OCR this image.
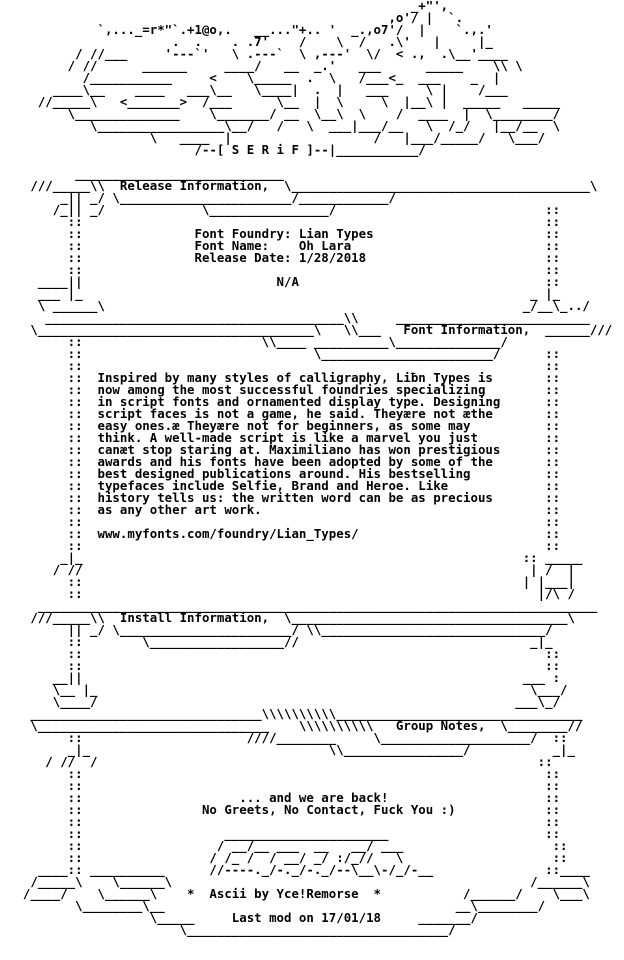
_+"',
,o'/ |  `.
`,..._=r*"`.+1@o,.   __..."+.. '  _.,o7'/  |    `.,.'
.  .    . .7'    /    \  /   .\'   |     |_
/ //___     '---`'   \ .---`  \ ,---'  \/  < .,  .\__'____
/ //      ______     ____/   __  _.'   ___      _____    \\ \
/___________     <    \_____  .  \   /___<_  ___    _  |
____\__    ____   ___\__   \____|  .  |   ___     \ |    /___
//_____\   <_______>  /___      \__  |  \     \  |__\ |  _____   _____
\______________    \_______/ __  \__\  \    /  ____  |  \________/
\_________________\__/   /   \  ___|___/__   \  /_/   |__/__  \
\   ____  |                   /   |___/_____/   \___/
/--[ S E R i F ]--|___________/

____________________________
///_____\\  Release Information,  \________________________________________\
_|| _/ \_______________________/____________/
/_|| _/             \________________/                            ::
::                                                              ::
::               Font Foundry: Lian Types                       ::
::               Font Name:    Oh Lara                          ::
::               Release Date: 1/28/2018                        ::
::                                                              ::
____||                          N/A                                 ::
___ |_                                                            _ |_
\ ______\                                                        _/__\_../
________________________________________\\     __________________________
\_____________________________________\   \\___   Font Information,  ______///
::                        \\____ __________\______________/
::                               \_______________________/      ::
::                                                              ::
::  Inspired by many styles of calligraphy, Liƀn Types is       ::
::  now among the most successful foundries specializing        ::
::  in script fonts and ornamented display type. Designing      ::
::  script faces is not a game, he said. Theyære not æthe       ::
::  easy ones.æ Theyære not for beginners, as some may          ::
::  think. A well-made script is like a marvel you just         ::
::  canæt stop staring at. Maximiliano has won prestigious      ::
::  awards and his fonts have been adopted by some of the       ::
::  best designed publications around. His bestselling          ::
::  typefaces include Selfie, Brand and Heroe. Like             ::
::  history tells us: the written word can be as precious       ::
::  as any other art work.                                      ::
::                                                              ::
::  www.myfonts.com/foundry/Lian_Types/                         ::
::                                                              ::
_|_                                                           :: _____
/ //                                                            | /  |
::                                                           | |___|
::                                                             |/\ /
___________________________________________________________________________
///_____\\  Install Information,  \_____________________________________\
|| _/ \_______________________/ \\______________________________/
::        \__________________//                               _|_
::                                                              ::
::                                                              ::
__||                                                           ___ :
\__ |_                                                          \___/
\____/                                                        ___\_/
_______________________________\\\\\\\\\\_________________________________
\_______________________________    \\\\\\\\\\   Group Notes,  \________//
::                      ////________     \____________________/  ::
_|_                                \\________________/           _|_
/ //  /                                                           ::
::                                                              ::
::                                                              ::
::                     ... and we are back!                     ::
::                No Greets, No Contact, Fuck You :)            ::
::                                                              ::
::                   ______________________                     ::
::                  / __/__ ___  __   __/ ___                    ::
::                 / /_ /  / __/ _/ :/_//   \                    ::
____:: __________      //----._/-._/-._/--\__\-/_/-__               ::____
/_____\    \______\                                                /______\
/____/    \______\    *  Ascii by Yce!Remorse  *           /______/    \___\
\________\__                                       __\________/
\_____     Last mod on 17/01/18     _______/
\___________________________________/
